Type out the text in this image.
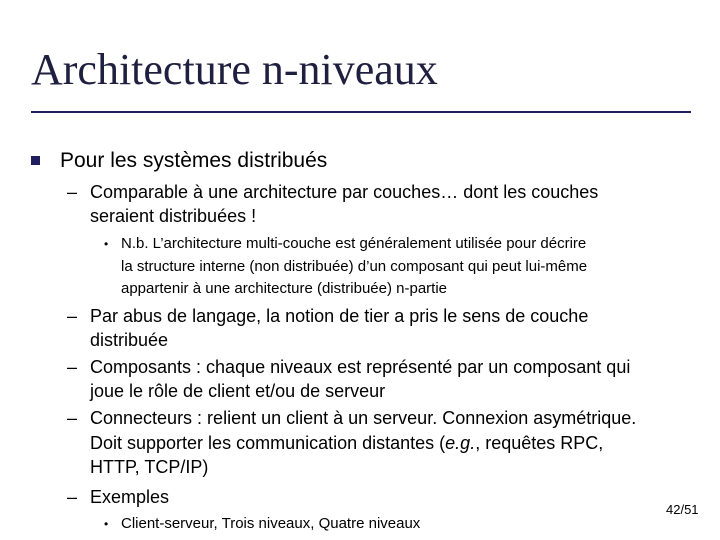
Architecture n-niveaux
Pour les systèmes distribués
– Comparable à une architecture par couches… dont les couches
seraient distribuées !
• N.b. L’architecture multi-couche est généralement utilisée pour décrire
la structure interne (non distribuée) d’un composant qui peut lui-même
appartenir à une architecture (distribuée) n-partie
– Par abus de langage, la notion de tier a pris le sens de couche
distribuée
– Composants : chaque niveaux est représenté par un composant qui
joue le rôle de client et/ou de serveur
– Connecteurs : relient un client à un serveur. Connexion asymétrique.
Doit supporter les communication distantes (e.g., requêtes RPC,
HTTP, TCP/IP)
– Exemples
• Client-serveur, Trois niveaux, Quatre niveaux
42/51
